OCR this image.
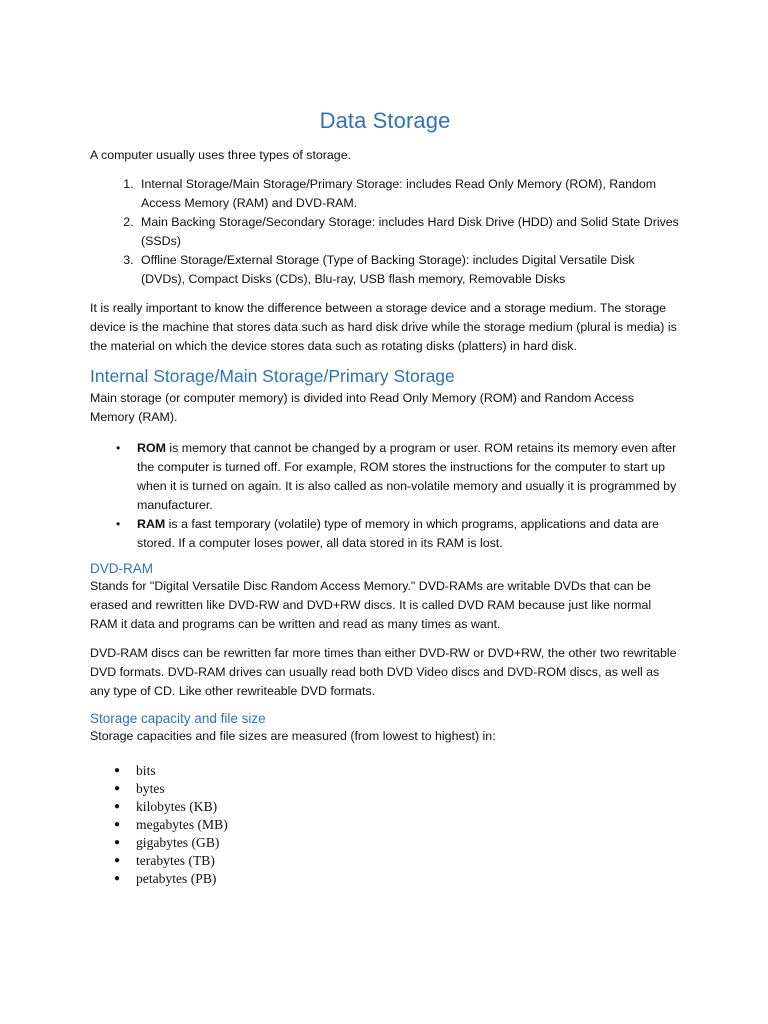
Data Storage

A computer usually uses three types of storage.

1. Internal Storage/Main Storage/Primary Storage: includes Read Only Memory (ROM), Random Access Memory (RAM) and DVD-RAM.
2. Main Backing Storage/Secondary Storage: includes Hard Disk Drive (HDD) and Solid State Drives (SSDs)
3. Offline Storage/External Storage (Type of Backing Storage): includes Digital Versatile Disk (DVDs), Compact Disks (CDs), Blu-ray, USB flash memory, Removable Disks

It is really important to know the difference between a storage device and a storage medium. The storage device is the machine that stores data such as hard disk drive while the storage medium (plural is media) is the material on which the device stores data such as rotating disks (platters) in hard disk.

Internal Storage/Main Storage/Primary Storage

Main storage (or computer memory) is divided into Read Only Memory (ROM) and Random Access Memory (RAM).

• ROM is memory that cannot be changed by a program or user. ROM retains its memory even after the computer is turned off. For example, ROM stores the instructions for the computer to start up when it is turned on again. It is also called as non-volatile memory and usually it is programmed by manufacturer.
• RAM is a fast temporary (volatile) type of memory in which programs, applications and data are stored. If a computer loses power, all data stored in its RAM is lost.
DVD-RAM

Stands for "Digital Versatile Disc Random Access Memory." DVD-RAMs are writable DVDs that can be erased and rewritten like DVD-RW and DVD+RW discs. It is called DVD RAM because just like normal RAM it data and programs can be written and read as many times as want.

DVD-RAM discs can be rewritten far more times than either DVD-RW or DVD+RW, the other two rewritable DVD formats. DVD-RAM drives can usually read both DVD Video discs and DVD-ROM discs, as well as any type of CD. Like other rewriteable DVD formats.

Storage capacity and file size

Storage capacities and file sizes are measured (from lowest to highest) in:

● bits
● bytes
● kilobytes (KB)
● megabytes (MB)
● gigabytes (GB)
● terabytes (TB)
● petabytes (PB)
